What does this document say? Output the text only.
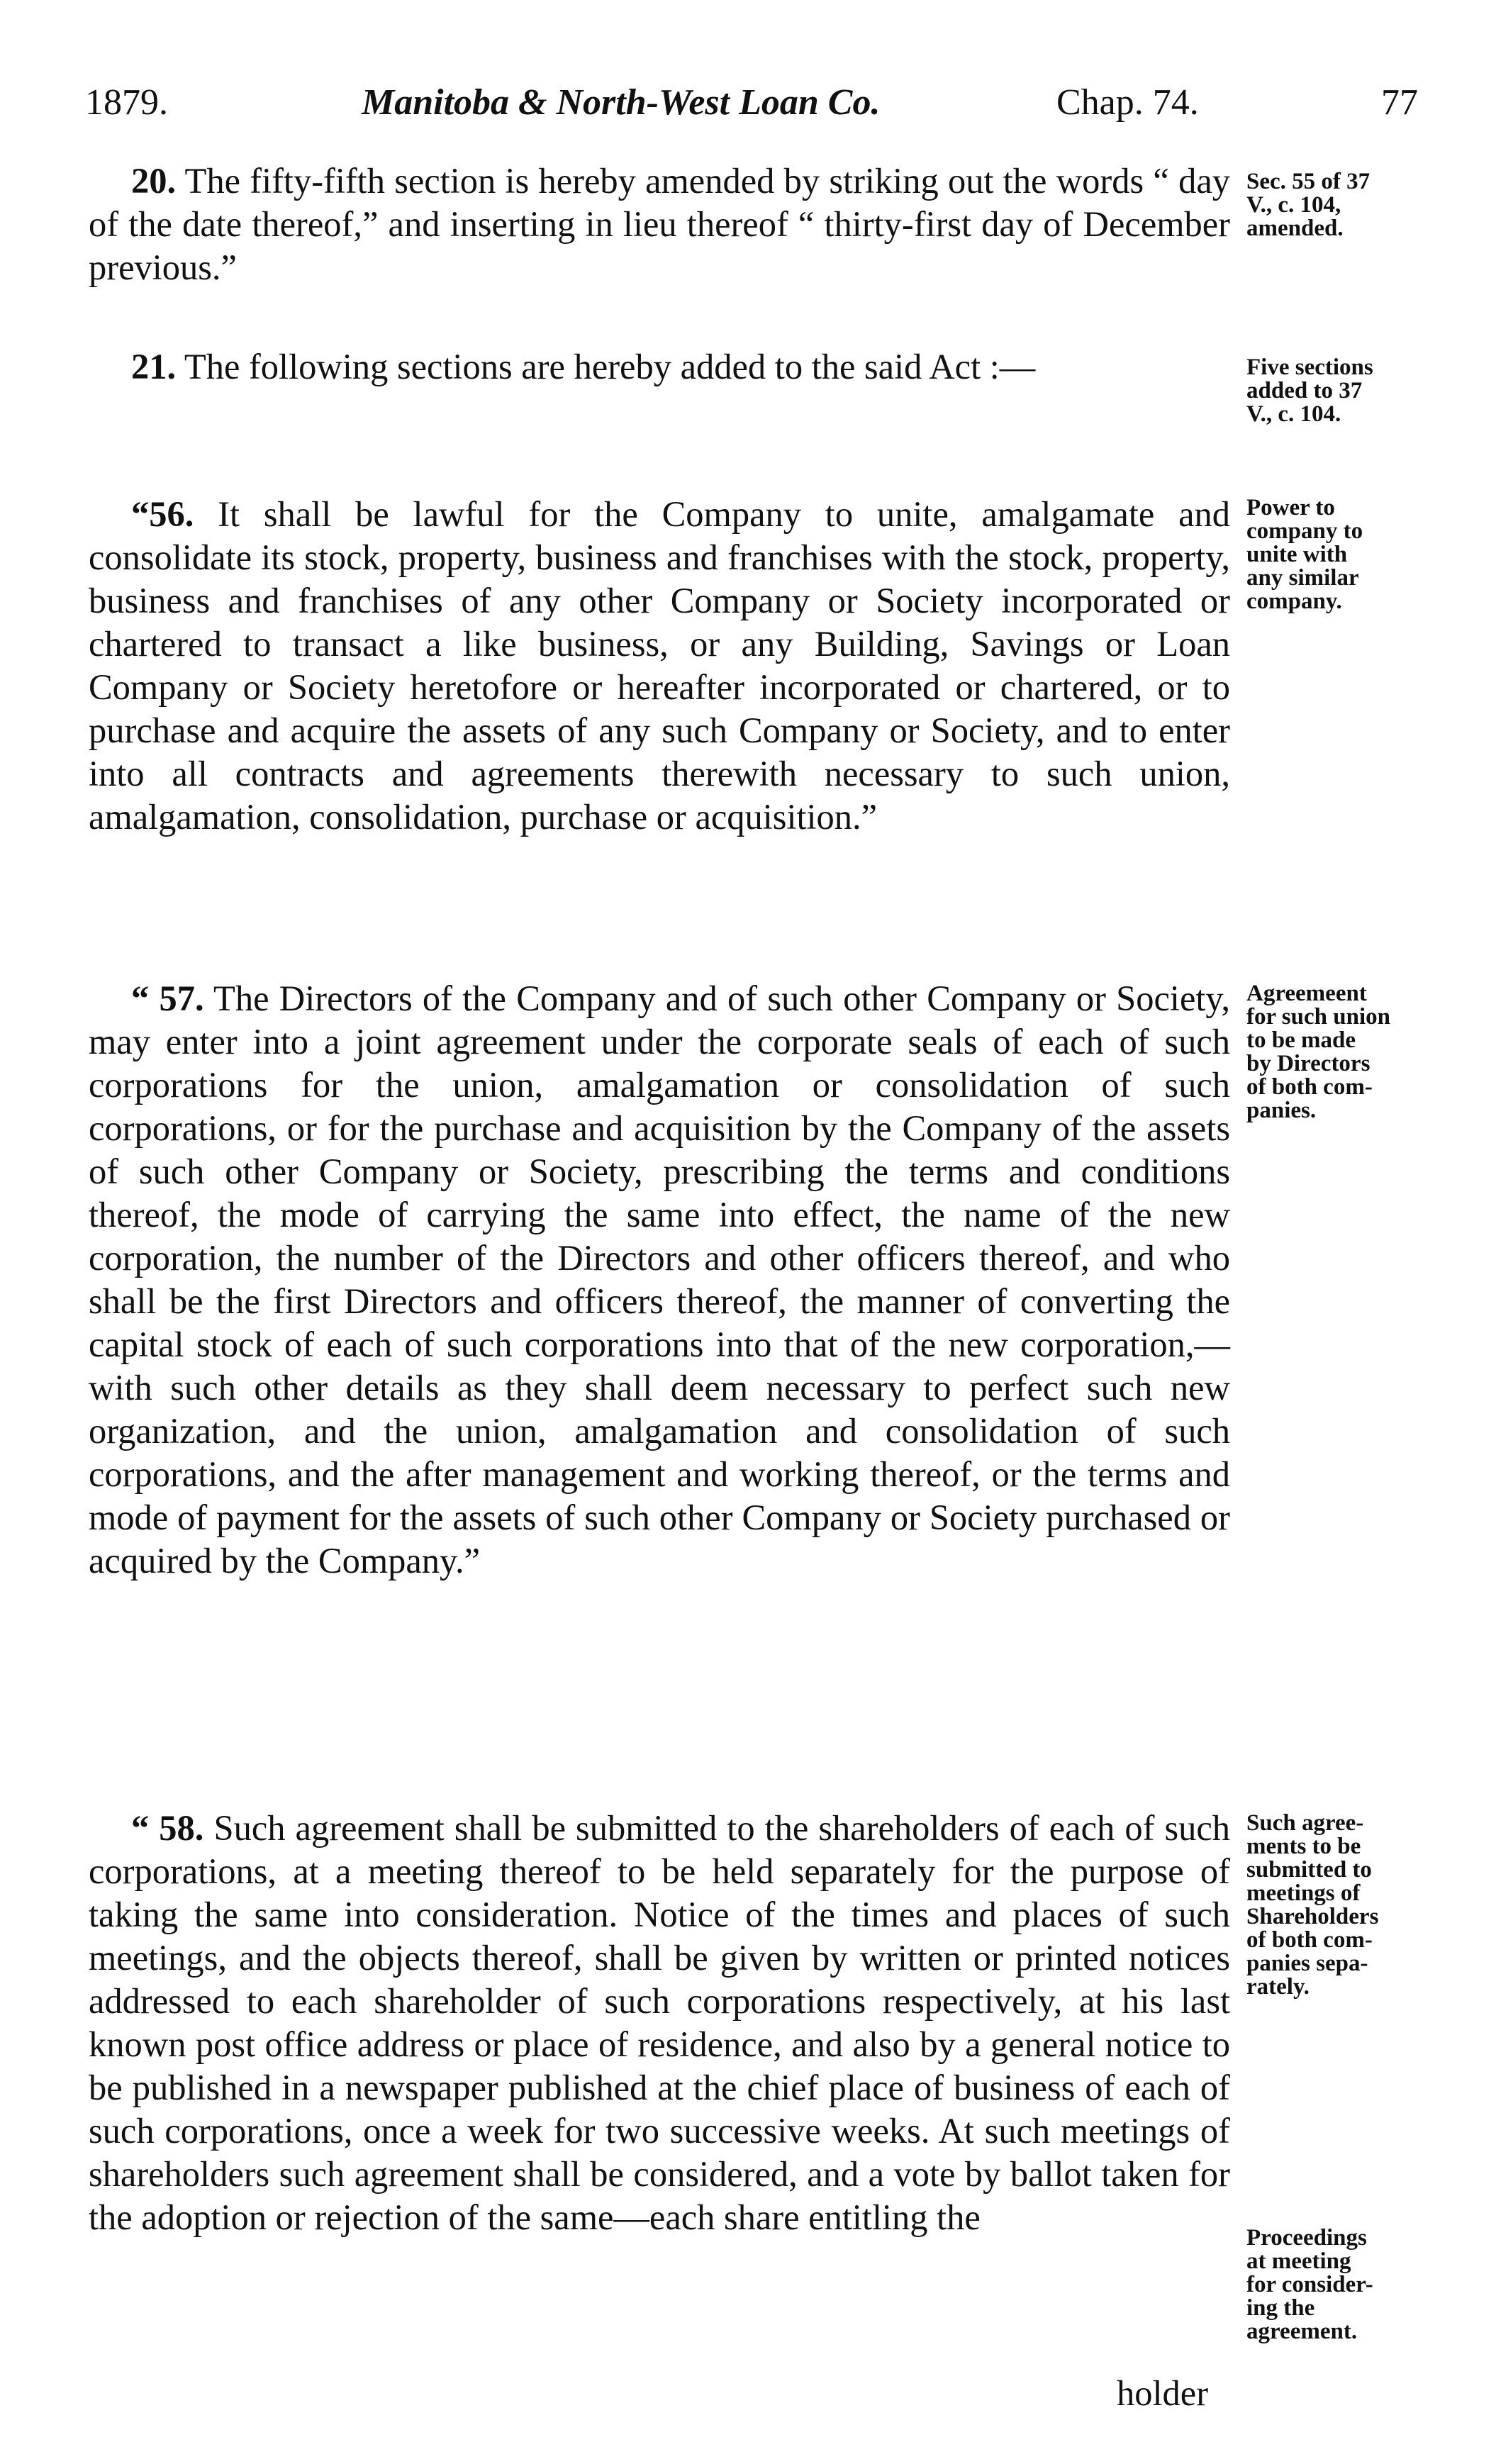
1879.	Manitoba & North-West Loan Co.	Chap. 74.	77
20. The fifty-fifth section is hereby amended by striking out the words “ day of the date thereof,” and inserting in lieu thereof “ thirty-first day of December previous.”
Sec. 55 of 37
V., c. 104,
amended.
21. The following sections are hereby added to the said Act :—	Five sections
added to 37
V., c. 104.
“56. It shall be lawful for the Company to unite, amalgamate and consolidate its stock, property, business and franchises with the stock, property, business and franchises of any other Company or Society incorporated or chartered to transact a like business, or any Building, Savings or Loan Company or Society heretofore or hereafter incorporated or chartered, or to purchase and acquire the assets of any such Company or Society, and to enter into all contracts and agreements therewith necessary to such union, amalgamation, consolidation, purchase or acquisition.”
Power to
company to
unite with
any similar
company.
“ 57. The Directors of the Company and of such other Company or Society, may enter into a joint agreement under the corporate seals of each of such corporations for the union, amalgamation or consolidation of such corporations, or for the purchase and acquisition by the Company of the assets of such other Company or Society, prescribing the terms and conditions thereof, the mode of carrying the same into effect, the name of the new corporation, the number of the Directors and other officers thereof, and who shall be the first Directors and officers thereof, the manner of converting the capital stock of each of such corporations into that of the new corporation,—with such other details as they shall deem necessary to perfect such new organization, and the union, amalgamation and consolidation of such corporations, and the after management and working thereof, or the terms and mode of payment for the assets of such other Company or Society purchased or acquired by the Company.”
Agreemeent
for such union
to be made
by Directors
of both com-
panies.
“ 58. Such agreement shall be submitted to the shareholders of each of such corporations, at a meeting thereof to be held separately for the purpose of taking the same into consideration. Notice of the times and places of such meetings, and the objects thereof, shall be given by written or printed notices addressed to each shareholder of such corporations respectively, at his last known post office address or place of residence, and also by a general notice to be published in a newspaper published at the chief place of business of each of such corporations, once a week for two successive weeks. At such meetings of shareholders such agreement shall be considered, and a vote by ballot taken for the adoption or rejection of the same—each share entitling the
Such agree-
ments to be
submitted to
meetings of
Shareholders
of both com-
panies sepa-
rately.
Proceedings
at meeting
for consider-
ing the
agreement.
holder
